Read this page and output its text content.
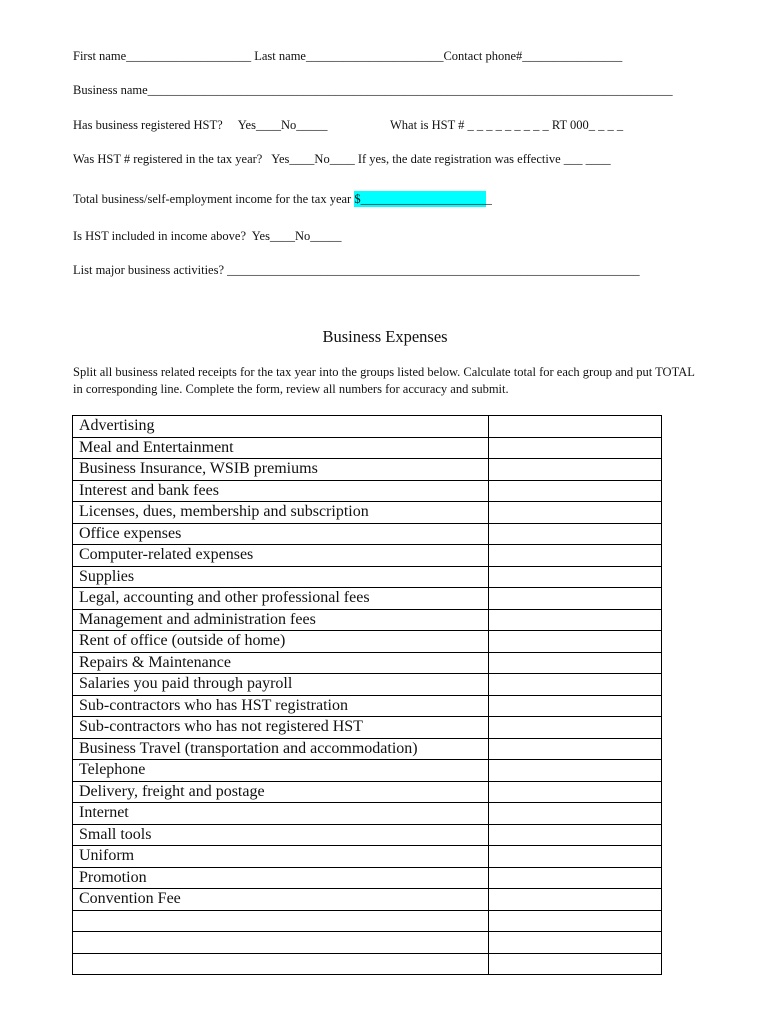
First name____________________ Last name______________________Contact phone#________________
Business name____________________________________________________________________________________
Has business registered HST?     Yes____No_____	What is HST # _ _ _ _ _ _ _ _ _ RT 000_ _ _ _
Was HST # registered in the tax year?   Yes____No____ If yes, the date registration was effective ___ ____
Total business/self-employment income for the tax year $_____________________
Is HST included in income above?  Yes____No_____
List major business activities? __________________________________________________________________
Business Expenses
Split all business related receipts for the tax year into the groups listed below. Calculate total for each group and put TOTAL in corresponding line. Complete the form, review all numbers for accuracy and submit.
Advertising	
Meal and Entertainment	
Business Insurance, WSIB premiums	
Interest and bank fees	
Licenses, dues, membership and subscription	
Office expenses	
Computer-related expenses	
Supplies	
Legal, accounting and other professional fees	
Management and administration fees	
Rent of office (outside of home)	
Repairs & Maintenance	
Salaries you paid through payroll	
Sub-contractors who has HST registration	
Sub-contractors who has not registered HST	
Business Travel (transportation and accommodation)	
Telephone	
Delivery, freight and postage	
Internet	
Small tools	
Uniform	
Promotion	
Convention Fee	
